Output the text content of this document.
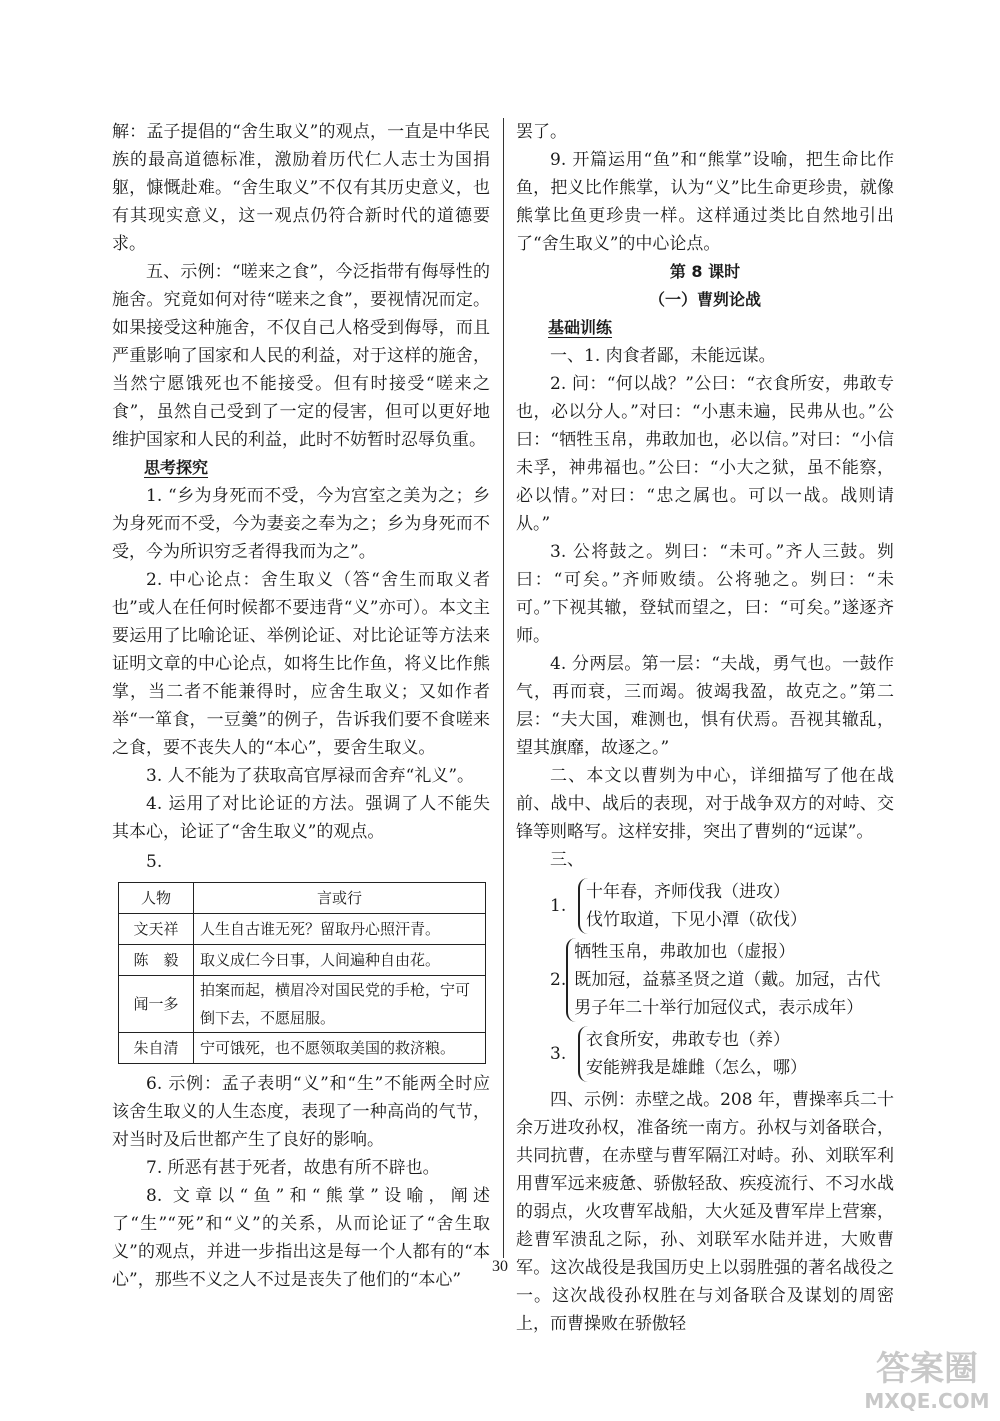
解：孟子提倡的“舍生取义”的观点，一直是中华民族的最高道德标准，激励着历代仁人志士为国捐躯，慷慨赴难。“舍生取义”不仅有其历史意义，也有其现实意义，这一观点仍符合新时代的道德要求。

五、示例：“嗟来之食”，今泛指带有侮辱性的施舍。究竟如何对待“嗟来之食”，要视情况而定。如果接受这种施舍，不仅自己人格受到侮辱，而且严重影响了国家和人民的利益，对于这样的施舍，当然宁愿饿死也不能接受。但有时接受“嗟来之食”，虽然自己受到了一定的侵害，但可以更好地维护国家和人民的利益，此时不妨暂时忍辱负重。

思考探究

1. “乡为身死而不受，今为宫室之美为之；乡为身死而不受，今为妻妾之奉为之；乡为身死而不受，今为所识穷乏者得我而为之”。

2. 中心论点：舍生取义（答“舍生而取义者也”或人在任何时候都不要违背“义”亦可）。本文主要运用了比喻论证、举例论证、对比论证等方法来证明文章的中心论点，如将生比作鱼，将义比作熊掌，当二者不能兼得时，应舍生取义；又如作者举“一箪食，一豆羹”的例子，告诉我们要不食嗟来之食，要不丧失人的“本心”，要舍生取义。

3. 人不能为了获取高官厚禄而舍弃“礼义”。

4. 运用了对比论证的方法。强调了人不能失其本心，论证了“舍生取义”的观点。

5.

人物	言或行
文天祥	人生自古谁无死？留取丹心照汗青。
陈　毅	取义成仁今日事，人间遍种自由花。
闻一多	拍案而起，横眉冷对国民党的手枪，宁可倒下去，不愿屈服。
朱自清	宁可饿死，也不愿领取美国的救济粮。

6. 示例：孟子表明“义”和“生”不能两全时应该舍生取义的人生态度，表现了一种高尚的气节，对当时及后世都产生了良好的影响。

7. 所恶有甚于死者，故患有所不辟也。

8. 文章以“鱼”和“熊掌”设喻，阐述了“生”“死”和“义”的关系，从而论证了“舍生取义”的观点，并进一步指出这是每一个人都有的“本心”，那些不义之人不过是丧失了他们的“本心”

罢了。

9. 开篇运用“鱼”和“熊掌”设喻，把生命比作鱼，把义比作熊掌，认为“义”比生命更珍贵，就像熊掌比鱼更珍贵一样。这样通过类比自然地引出了“舍生取义”的中心论点。

第 8 课时

（一）曹刿论战

基础训练

一、1. 肉食者鄙，未能远谋。

2. 问：“何以战？”公曰：“衣食所安，弗敢专也，必以分人。”对曰：“小惠未遍，民弗从也。”公曰：“牺牲玉帛，弗敢加也，必以信。”对曰：“小信未孚，神弗福也。”公曰：“小大之狱，虽不能察，必以情。”对曰：“忠之属也。可以一战。战则请从。”

3. 公将鼓之。刿曰：“未可。”齐人三鼓。刿曰：“可矣。”齐师败绩。公将驰之。刿曰：“未可。”下视其辙，登轼而望之，曰：“可矣。”遂逐齐师。

4. 分两层。第一层：“夫战，勇气也。一鼓作气，再而衰，三而竭。彼竭我盈，故克之。”第二层：“夫大国，难测也，惧有伏焉。吾视其辙乱，望其旗靡，故逐之。”

二、本文以曹刿为中心，详细描写了他在战前、战中、战后的表现，对于战争双方的对峙、交锋等则略写。这样安排，突出了曹刿的“远谋”。

三、

1.
十年春，齐师伐我（进攻）
伐竹取道，下见小潭（砍伐）
2.
牺牲玉帛，弗敢加也（虚报）
既加冠，益慕圣贤之道（戴。加冠，古代男子年二十举行加冠仪式，表示成年）
3.
衣食所安，弗敢专也（养）
安能辨我是雄雌（怎么，哪）

四、示例：赤壁之战。208 年，曹操率兵二十余万进攻孙权，准备统一南方。孙权与刘备联合，共同抗曹，在赤壁与曹军隔江对峙。孙、刘联军利用曹军远来疲惫、骄傲轻敌、疾疫流行、不习水战的弱点，火攻曹军战船，大火延及曹军岸上营寨，趁曹军溃乱之际，孙、刘联军水陆并进，大败曹军。这次战役是我国历史上以弱胜强的著名战役之一。这次战役孙权胜在与刘备联合及谋划的周密上，而曹操败在骄傲轻

30
答案圈
MXQE.COM
